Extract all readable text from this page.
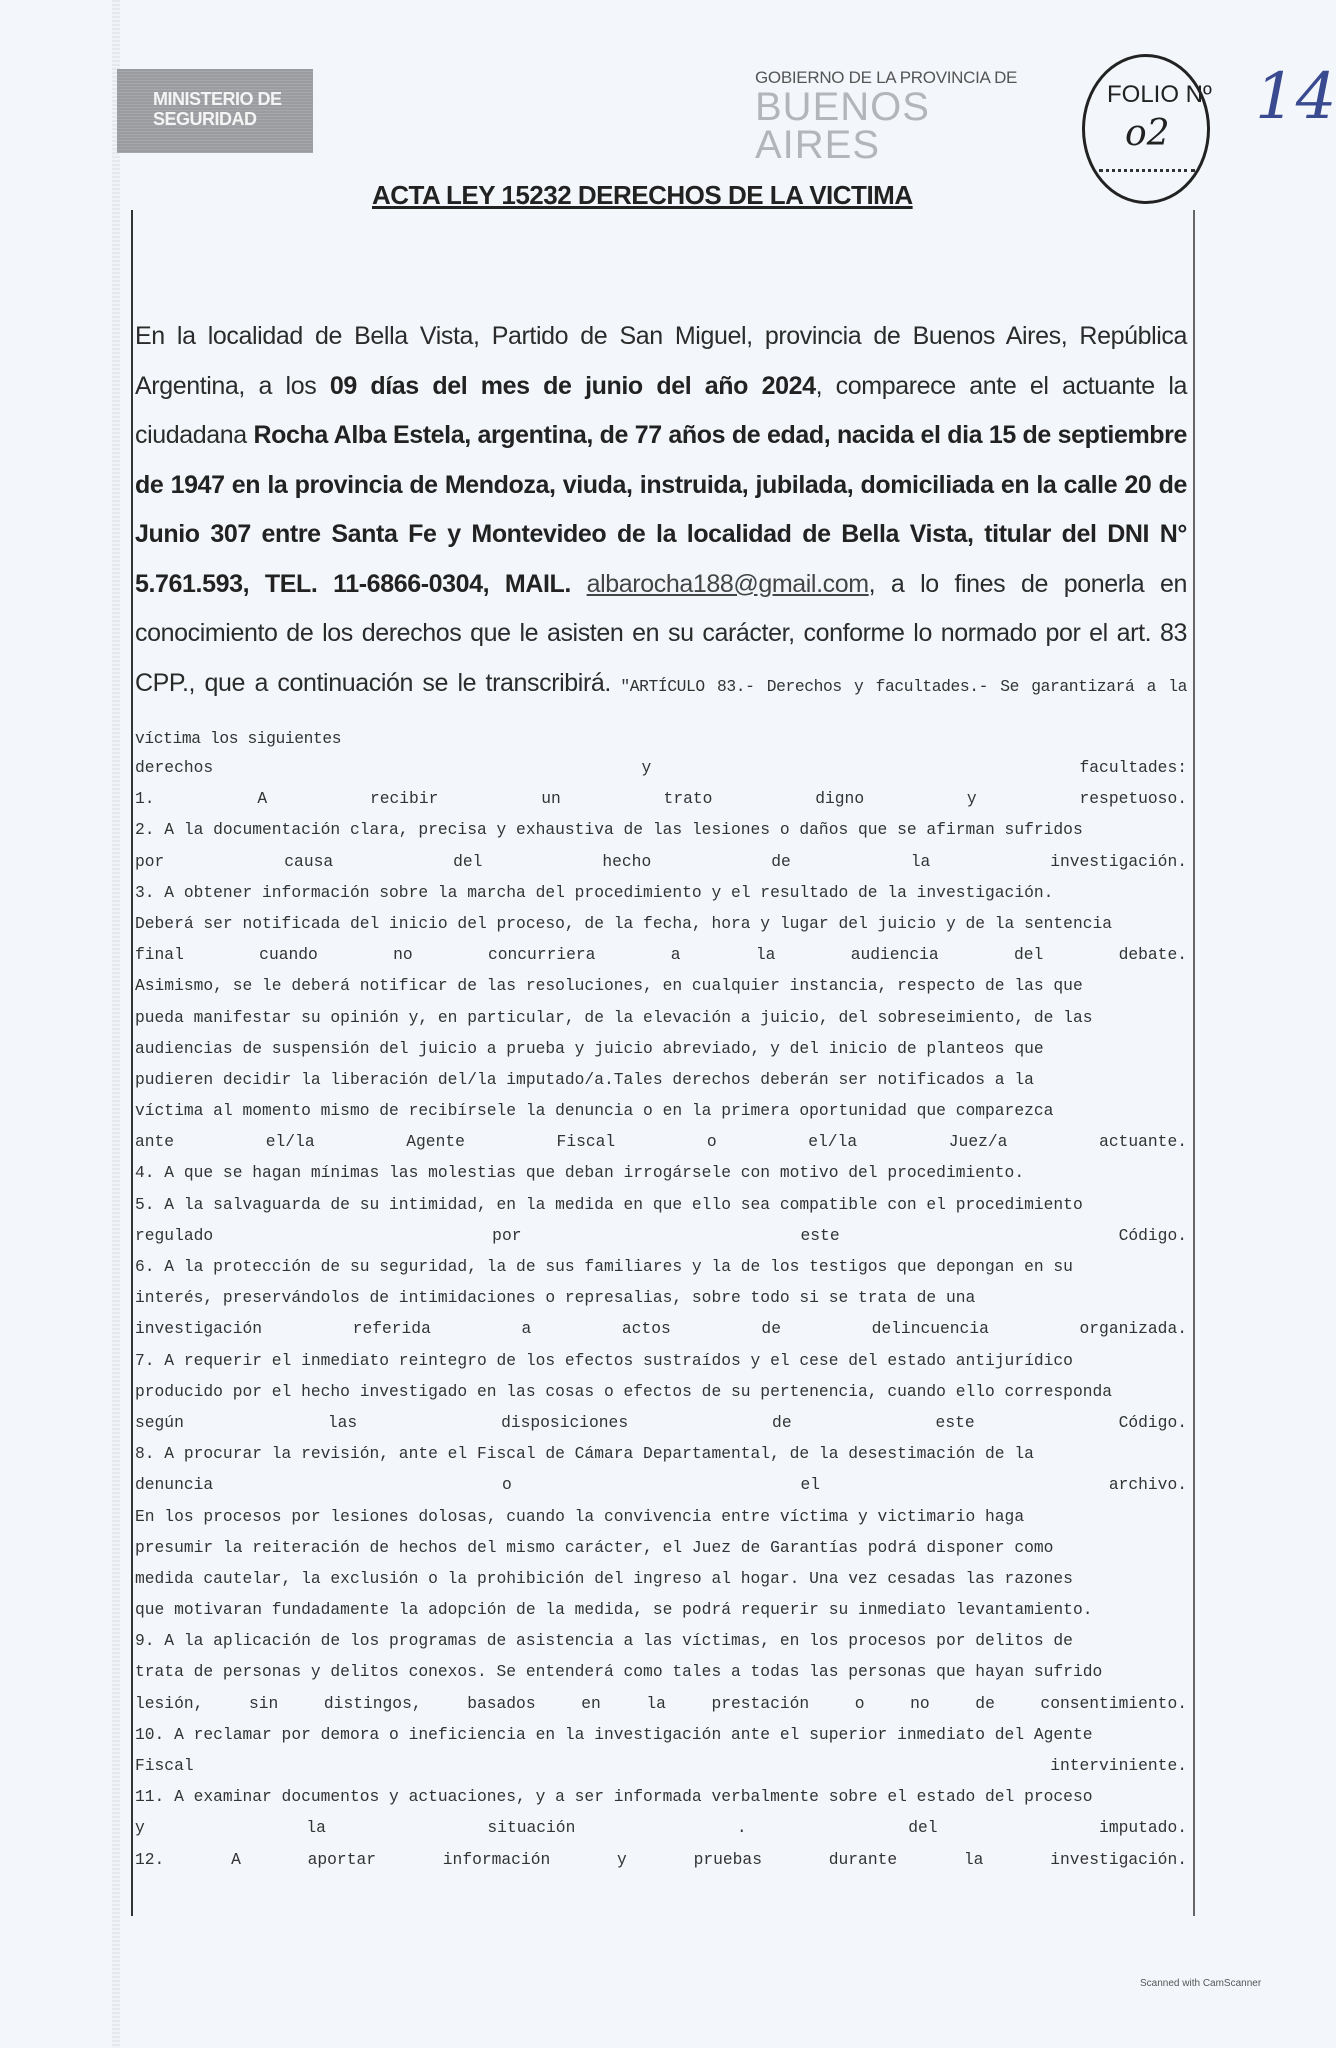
MINISTERIO DE
SEGURIDAD
GOBIERNO DE LA PROVINCIA DE
BUENOS AIRES
FOLIO Nº
o2 14
ACTA LEY 15232 DERECHOS DE LA VICTIMA
En la localidad de Bella Vista, Partido de San Miguel, provincia de Buenos Aires, República Argentina, a los 09 días del mes de junio del año 2024, comparece ante el actuante la ciudadana Rocha Alba Estela, argentina, de 77 años de edad, nacida el dia 15 de septiembre de 1947 en la provincia de Mendoza, viuda, instruida, jubilada, domiciliada en la calle 20 de Junio 307 entre Santa Fe y Montevideo de la localidad de Bella Vista, titular del DNI N° 5.761.593, TEL. 11-6866-0304, MAIL. albarocha188@gmail.com, a lo fines de ponerla en conocimiento de los derechos que le asisten en su carácter, conforme lo normado por el art. 83 CPP., que a continuación se le transcribirá. "ARTÍCULO 83.- Derechos y facultades.- Se garantizará a la víctima los siguientes
derechos y facultades:
1. A recibir un trato digno y respetuoso.
2. A la documentación clara, precisa y exhaustiva de las lesiones o daños que se afirman sufridos
por causa del hecho de la investigación.
3. A obtener información sobre la marcha del procedimiento y el resultado de la investigación.
Deberá ser notificada del inicio del proceso, de la fecha, hora y lugar del juicio y de la sentencia
final cuando no concurriera a la audiencia del debate.
Asimismo, se le deberá notificar de las resoluciones, en cualquier instancia, respecto de las que
pueda manifestar su opinión y, en particular, de la elevación a juicio, del sobreseimiento, de las
audiencias de suspensión del juicio a prueba y juicio abreviado, y del inicio de planteos que
pudieren decidir la liberación del/la imputado/a.Tales derechos deberán ser notificados a la
víctima al momento mismo de recibírsele la denuncia o en la primera oportunidad que comparezca
ante el/la Agente Fiscal o el/la Juez/a actuante.
4. A que se hagan mínimas las molestias que deban irrogársele con motivo del procedimiento.
5. A la salvaguarda de su intimidad, en la medida en que ello sea compatible con el procedimiento
regulado por este Código.
6. A la protección de su seguridad, la de sus familiares y la de los testigos que depongan en su
interés, preservándolos de intimidaciones o represalias, sobre todo si se trata de una
investigación referida a actos de delincuencia organizada.
7. A requerir el inmediato reintegro de los efectos sustraídos y el cese del estado antijurídico
producido por el hecho investigado en las cosas o efectos de su pertenencia, cuando ello corresponda
según las disposiciones de este Código.
8. A procurar la revisión, ante el Fiscal de Cámara Departamental, de la desestimación de la
denuncia o el archivo.
En los procesos por lesiones dolosas, cuando la convivencia entre víctima y victimario haga
presumir la reiteración de hechos del mismo carácter, el Juez de Garantías podrá disponer como
medida cautelar, la exclusión o la prohibición del ingreso al hogar. Una vez cesadas las razones
que motivaran fundadamente la adopción de la medida, se podrá requerir su inmediato levantamiento.
9. A la aplicación de los programas de asistencia a las víctimas, en los procesos por delitos de
trata de personas y delitos conexos. Se entenderá como tales a todas las personas que hayan sufrido
lesión, sin distingos, basados en la prestación o no de consentimiento.
10. A reclamar por demora o ineficiencia en la investigación ante el superior inmediato del Agente
Fiscal interviniente.
11. A examinar documentos y actuaciones, y a ser informada verbalmente sobre el estado del proceso
y la situación . del imputado.
12. A aportar información y pruebas durante la investigación.
Scanned with CamScanner
